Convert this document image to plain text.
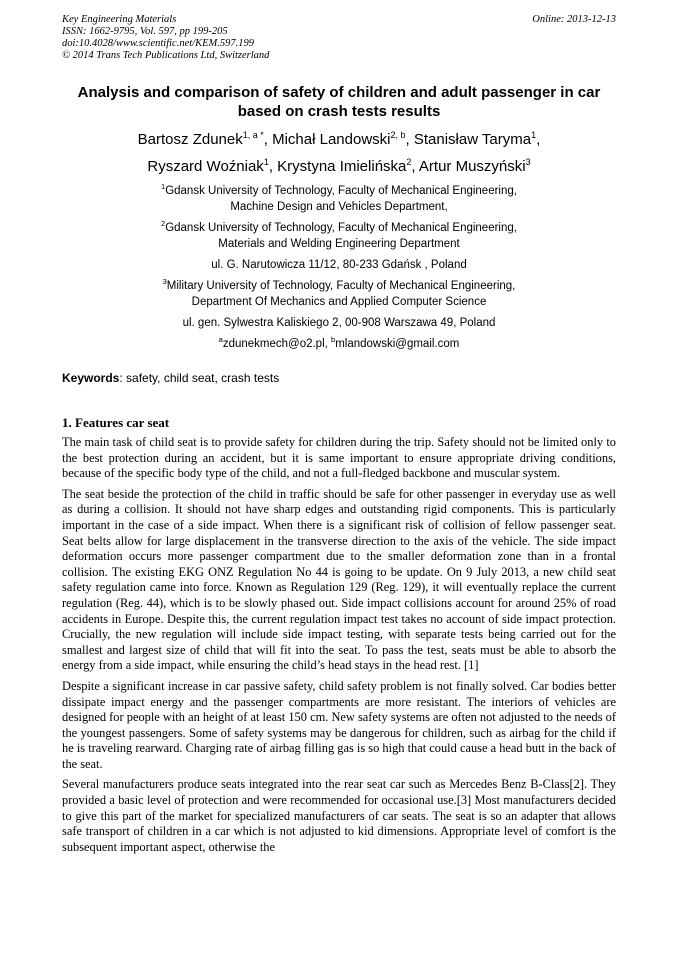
Key Engineering Materials
ISSN: 1662-9795, Vol. 597, pp 199-205
doi:10.4028/www.scientific.net/KEM.597.199
© 2014 Trans Tech Publications Ltd, Switzerland
Online: 2013-12-13
Analysis and comparison of safety of children and adult passenger in car based on crash tests results
Bartosz Zdunek$^{1, a *}$, Michał Landowski$^{2, b}$, Stanisław Taryma$^1$,
Ryszard Woźniak$^1$, Krystyna Imielińska$^2$, Artur Muszyński$^3$
$^1$Gdansk University of Technology, Faculty of Mechanical Engineering,
Machine Design and Vehicles Department,
$^2$Gdansk University of Technology, Faculty of Mechanical Engineering,
Materials and Welding Engineering Department
ul. G. Narutowicza 11/12, 80-233 Gdańsk , Poland
$^3$Military University of Technology, Faculty of Mechanical Engineering,
Department Of Mechanics and Applied Computer Science
ul. gen. Sylwestra Kaliskiego 2, 00-908 Warszawa 49, Poland
$^a$zdunekmech@o2.pl, $^b$mlandowski@gmail.com
Keywords: safety, child seat, crash tests
1. Features car seat
The main task of child seat is to provide safety for children during the trip. Safety should not be limited only to the best protection during an accident, but it is same important to ensure appropriate driving conditions, because of the specific body type of the child, and not a full-fledged backbone and muscular system.
The seat beside the protection of the child in traffic should be safe for other passenger in everyday use as well as during a collision. It should not have sharp edges and outstanding rigid components. This is particularly important in the case of a side impact. When there is a significant risk of collision of fellow passenger seat. Seat belts allow for large displacement in the transverse direction to the axis of the vehicle. The side impact deformation occurs more passenger compartment due to the smaller deformation zone than in a frontal collision. The existing EKG ONZ Regulation No 44 is going to be update. On 9 July 2013, a new child seat safety regulation came into force. Known as Regulation 129 (Reg. 129), it will eventually replace the current regulation (Reg. 44), which is to be slowly phased out. Side impact collisions account for around 25% of road accidents in Europe. Despite this, the current regulation impact test takes no account of side impact protection. Crucially, the new regulation will include side impact testing, with separate tests being carried out for the smallest and largest size of child that will fit into the seat. To pass the test, seats must be able to absorb the energy from a side impact, while ensuring the child’s head stays in the head rest. [1]
Despite a significant increase in car passive safety, child safety problem is not finally solved. Car bodies better dissipate impact energy and the passenger compartments are more resistant. The interiors of vehicles are designed for people with an height of at least 150 cm. New safety systems are often not adjusted to the needs of the youngest passengers. Some of safety systems may be dangerous for children, such as airbag for the child if he is traveling rearward. Charging rate of airbag filling gas is so high that could cause a head butt in the back of the seat.
Several manufacturers produce seats integrated into the rear seat car such as Mercedes Benz B-Class[2]. They provided a basic level of protection and were recommended for occasional use.[3] Most manufacturers decided to give this part of the market for specialized manufacturers of car seats. The seat is so an adapter that allows safe transport of children in a car which is not adjusted to kid dimensions. Appropriate level of comfort is the subsequent important aspect, otherwise the
